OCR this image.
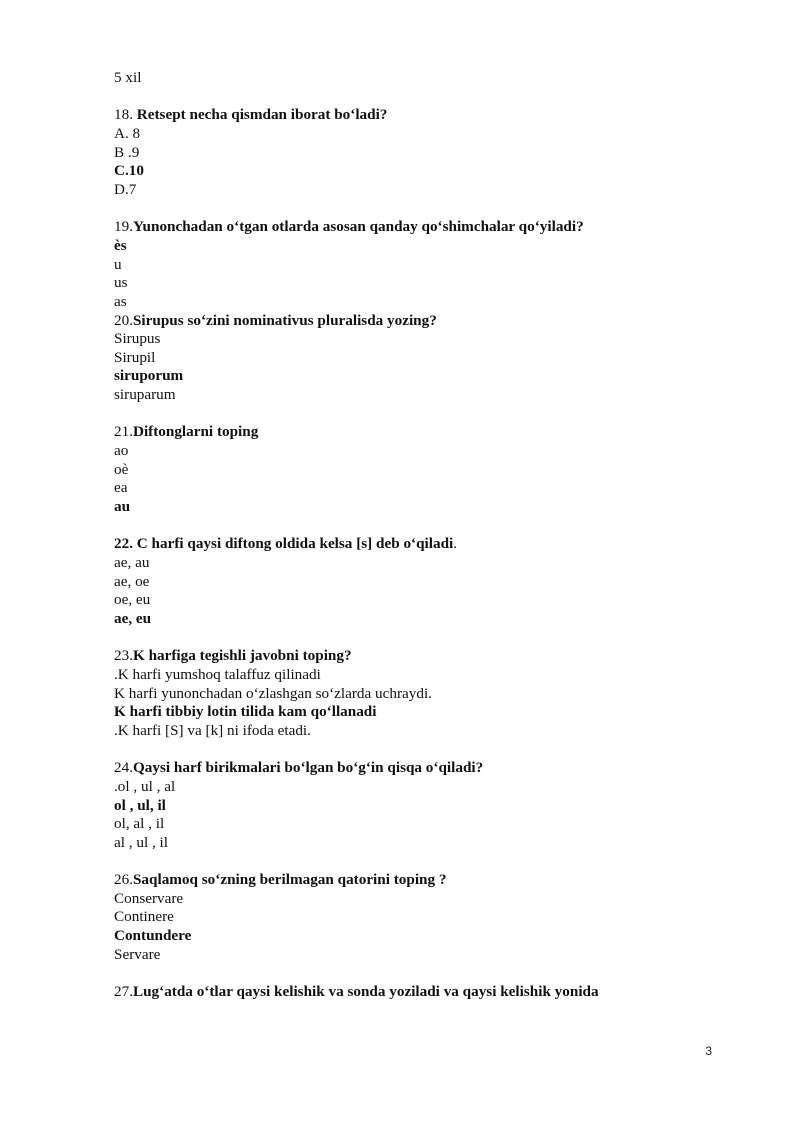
5 xil
18. Retsept necha qismdan iborat bo‘ladi?
A. 8
B .9
C.10
D.7
19.Yunonchadan o‘tgan otlarda asosan qanday qo‘shimchalar qo‘yiladi?
ès
u
us
as
20.Sirupus so‘zini nominativus pluralisda yozing?
Sirupus
Sirupil
siruporum
siruparum
21.Diftonglarni toping
ao
oè
ea
au
22. C harfi qaysi diftong oldida kelsa [s] deb o‘qiladi.
ae, au
ae, oe
oe, eu
ae, eu
23.K harfiga tegishli javobni toping?
.K harfi yumshoq talaffuz qilinadi
K harfi yunonchadan o‘zlashgan so‘zlarda uchraydi.
K harfi tibbiy lotin tilida kam qo‘llanadi
.K harfi [S] va [k] ni ifoda etadi.
24.Qaysi harf birikmalari bo‘lgan bo‘g‘in qisqa o‘qiladi?
.ol , ul , al
ol , ul, il
ol, al , il
al , ul , il
26.Saqlamoq so‘zning berilmagan qatorini toping ?
Conservare
Continere
Contundere
Servare
27.Lug‘atda o‘tlar qaysi kelishik va sonda yoziladi va qaysi kelishik yonida
3
